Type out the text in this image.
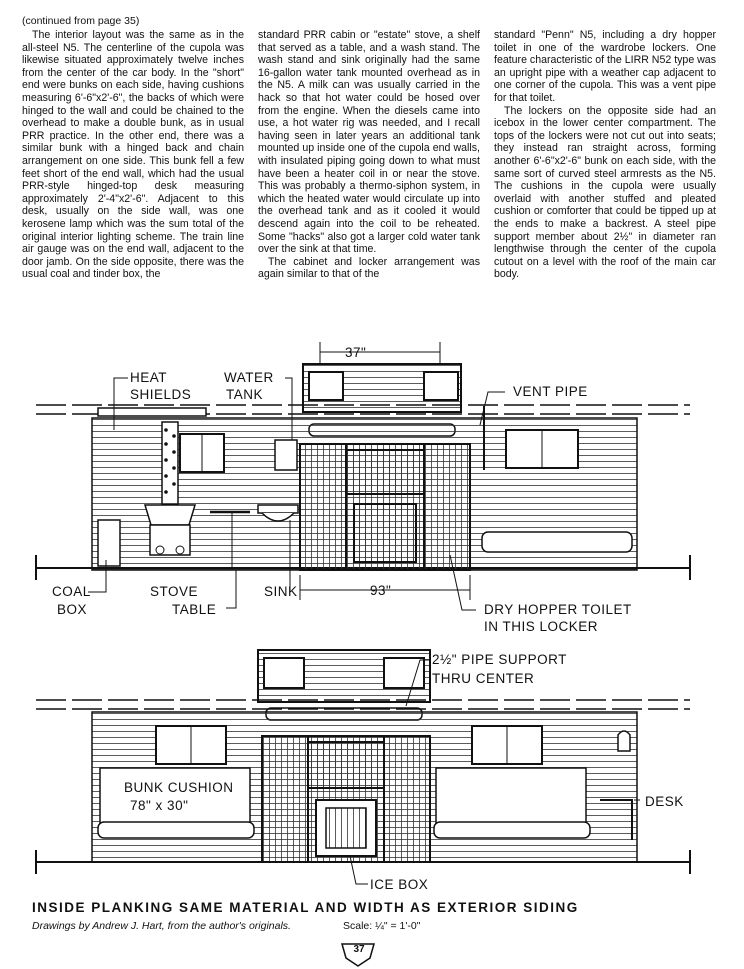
(continued from page 35)

The interior layout was the same as in the all-steel N5. The centerline of the cupola was likewise situated approximately twelve inches from the center of the car body. In the "short" end were bunks on each side, having cushions measuring 6'-6"x2'-6", the backs of which were hinged to the wall and could be chained to the overhead to make a double bunk, as in usual PRR practice. In the other end, there was a similar bunk with a hinged back and chain arrangement on one side. This bunk fell a few feet short of the end wall, which had the usual PRR-style hinged-top desk measuring approximately 2'-4"x2'-6". Adjacent to this desk, usually on the side wall, was one kerosene lamp which was the sum total of the original interior lighting scheme. The train line air gauge was on the end wall, adjacent to the door jamb. On the side opposite, there was the usual coal and tinder box, the

standard PRR cabin or "estate" stove, a shelf that served as a table, and a wash stand. The wash stand and sink originally had the same 16-gallon water tank mounted overhead as in the N5. A milk can was usually carried in the hack so that hot water could be hosed over from the engine. When the diesels came into use, a hot water rig was needed, and I recall having seen in later years an additional tank mounted up inside one of the cupola end walls, with insulated piping going down to what must have been a heater coil in or near the stove. This was probably a thermo-siphon system, in which the heated water would circulate up into the overhead tank and as it cooled it would descend again into the coil to be reheated. Some "hacks" also got a larger cold water tank over the sink at that time.

The cabinet and locker arrangement was again similar to that of the

standard "Penn" N5, including a dry hopper toilet in one of the wardrobe lockers. One feature characteristic of the LIRR N52 type was an upright pipe with a weather cap adjacent to one corner of the cupola. This was a vent pipe for that toilet.

The lockers on the opposite side had an icebox in the lower center compartment. The tops of the lockers were not cut out into seats; they instead ran straight across, forming another 6'-6"x2'-6" bunk on each side, with the same sort of curved steel armrests as the N5. The cushions in the cupola were usually overlaid with another stuffed and pleated cushion or comforter that could be tipped up at the ends to make a backrest. A steel pipe support member about 2½" in diameter ran lengthwise through the center of the cupola cutout on a level with the roof of the main car body.

37"
HEAT
SHIELDS
WATER
TANK	VENT PIPE
COAL
BOX
STOVE
TABLE
SINK	93"
DRY HOPPER TOILET
IN THIS LOCKER
2½" PIPE SUPPORT
THRU CENTER
BUNK CUSHION
78" x 30"	DESK
ICE BOX
INSIDE PLANKING SAME MATERIAL AND WIDTH AS EXTERIOR SIDING
Drawings by Andrew J. Hart, from the author's originals.	Scale: ¼" = 1'-0"
37
